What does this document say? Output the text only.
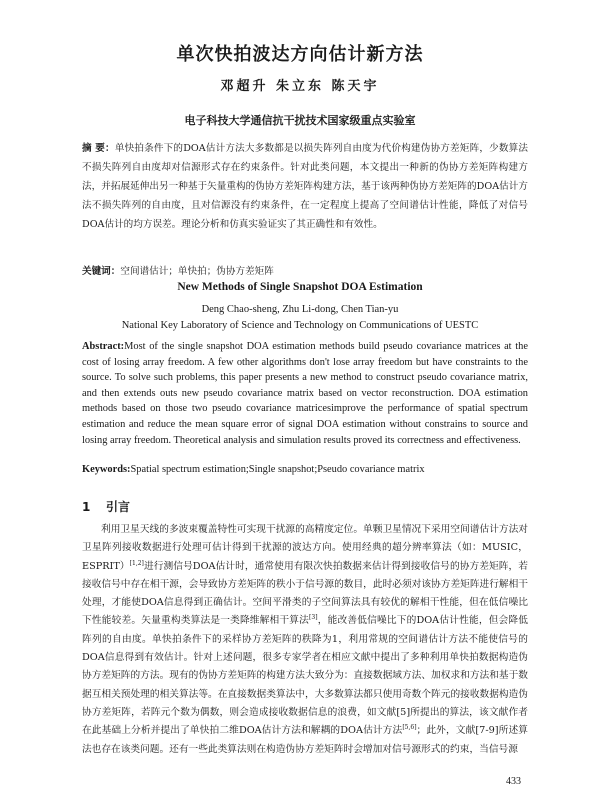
单次快拍波达方向估计新方法
邓超升 朱立东 陈天宇
电子科技大学通信抗干扰技术国家级重点实验室
摘 要：单快拍条件下的DOA估计方法大多数都是以损失阵列自由度为代价构建伪协方差矩阵，少数算法不损失阵列自由度却对信源形式存在约束条件。针对此类问题，本文提出一种新的伪协方差矩阵构建方法，并拓展延伸出另一种基于矢量重构的伪协方差矩阵构建方法，基于该两种伪协方差矩阵的DOA估计方法不损失阵列的自由度，且对信源没有约束条件，在一定程度上提高了空间谱估计性能，降低了对信号DOA估计的均方误差。理论分析和仿真实验证实了其正确性和有效性。
关键词：空间谱估计；单快拍；伪协方差矩阵
New Methods of Single Snapshot DOA Estimation
Deng Chao-sheng, Zhu Li-dong, Chen Tian-yu
National Key Laboratory of Science and Technology on Communications of UESTC
Abstract:Most of the single snapshot DOA estimation methods build pseudo covariance matrices at the cost of losing array freedom. A few other algorithms don't lose array freedom but have constraints to the source. To solve such problems, this paper presents a new method to construct pseudo covariance matrix, and then extends outs new pseudo covariance matrix based on vector reconstruction. DOA estimation methods based on those two pseudo covariance matricesimprove the performance of spatial spectrum estimation and reduce the mean square error of signal DOA estimation without constrains to source and losing array freedom. Theoretical analysis and simulation results proved its correctness and effectiveness.
Keywords:Spatial spectrum estimation;Single snapshot;Pseudo covariance matrix
1 引言
利用卫星天线的多波束覆盖特性可实现干扰源的高精度定位。单颗卫星情况下采用空间谱估计方法对卫星阵列接收数据进行处理可估计得到干扰源的波达方向。使用经典的超分辨率算法（如：MUSIC，ESPRIT）[1,2]进行测信号DOA估计时，通常使用有限次快拍数据来估计得到接收信号的协方差矩阵，若接收信号中存在相干源，会导致协方差矩阵的秩小于信号源的数目，此时必须对该协方差矩阵进行解相干处理，才能使DOA信息得到正确估计。空间平滑类的子空间算法具有较优的解相干性能，但在低信噪比下性能较差。矢量重构类算法是一类降维解相干算法[3]，能改善低信噪比下的DOA估计性能，但会降低阵列的自由度。单快拍条件下的采样协方差矩阵的秩降为1，利用常规的空间谱估计方法不能使信号的DOA信息得到有效估计。针对上述问题，很多专家学者在相应文献中提出了多种利用单快拍数据构造伪协方差矩阵的方法。现有的伪协方差矩阵的构建方法大致分为：直接数据域方法、加权求和方法和基于数据互相关预处理的相关算法等。在直接数据类算法中，大多数算法都只使用奇数个阵元的接收数据构造伪协方差矩阵，若阵元个数为偶数，则会造成接收数据信息的浪费，如文献[5]所提出的算法，该文献作者在此基础上分析并提出了单快拍二维DOA估计方法和解耦的DOA估计方法[5,6]；此外，文献[7-9]所述算法也存在该类问题。还有一些此类算法则在构造伪协方差矩阵时会增加对信号源形式的约束，当信号源
433
